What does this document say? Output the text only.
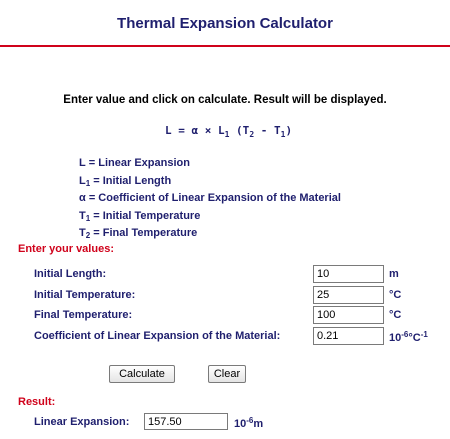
Thermal Expansion Calculator
Enter value and click on calculate. Result will be displayed.
$L = \alpha \times L_1$ $(T_2 - T_1)$
L = Linear Expansion
$L_1$ = Initial Length
α = Coefficient of Linear Expansion of the Material
$T_1$ = Initial Temperature
$T_2$ = Final Temperature
Enter your values:
Initial Length:
10	m
Initial Temperature:
25	°C
Final Temperature:
100	°C
Coefficient of Linear Expansion of the Material:
0.21	$10^{-6}^\circ C^{-1}$
Calculate	Clear
Result:
Linear Expansion:
157.50	$10^{-6}m$
